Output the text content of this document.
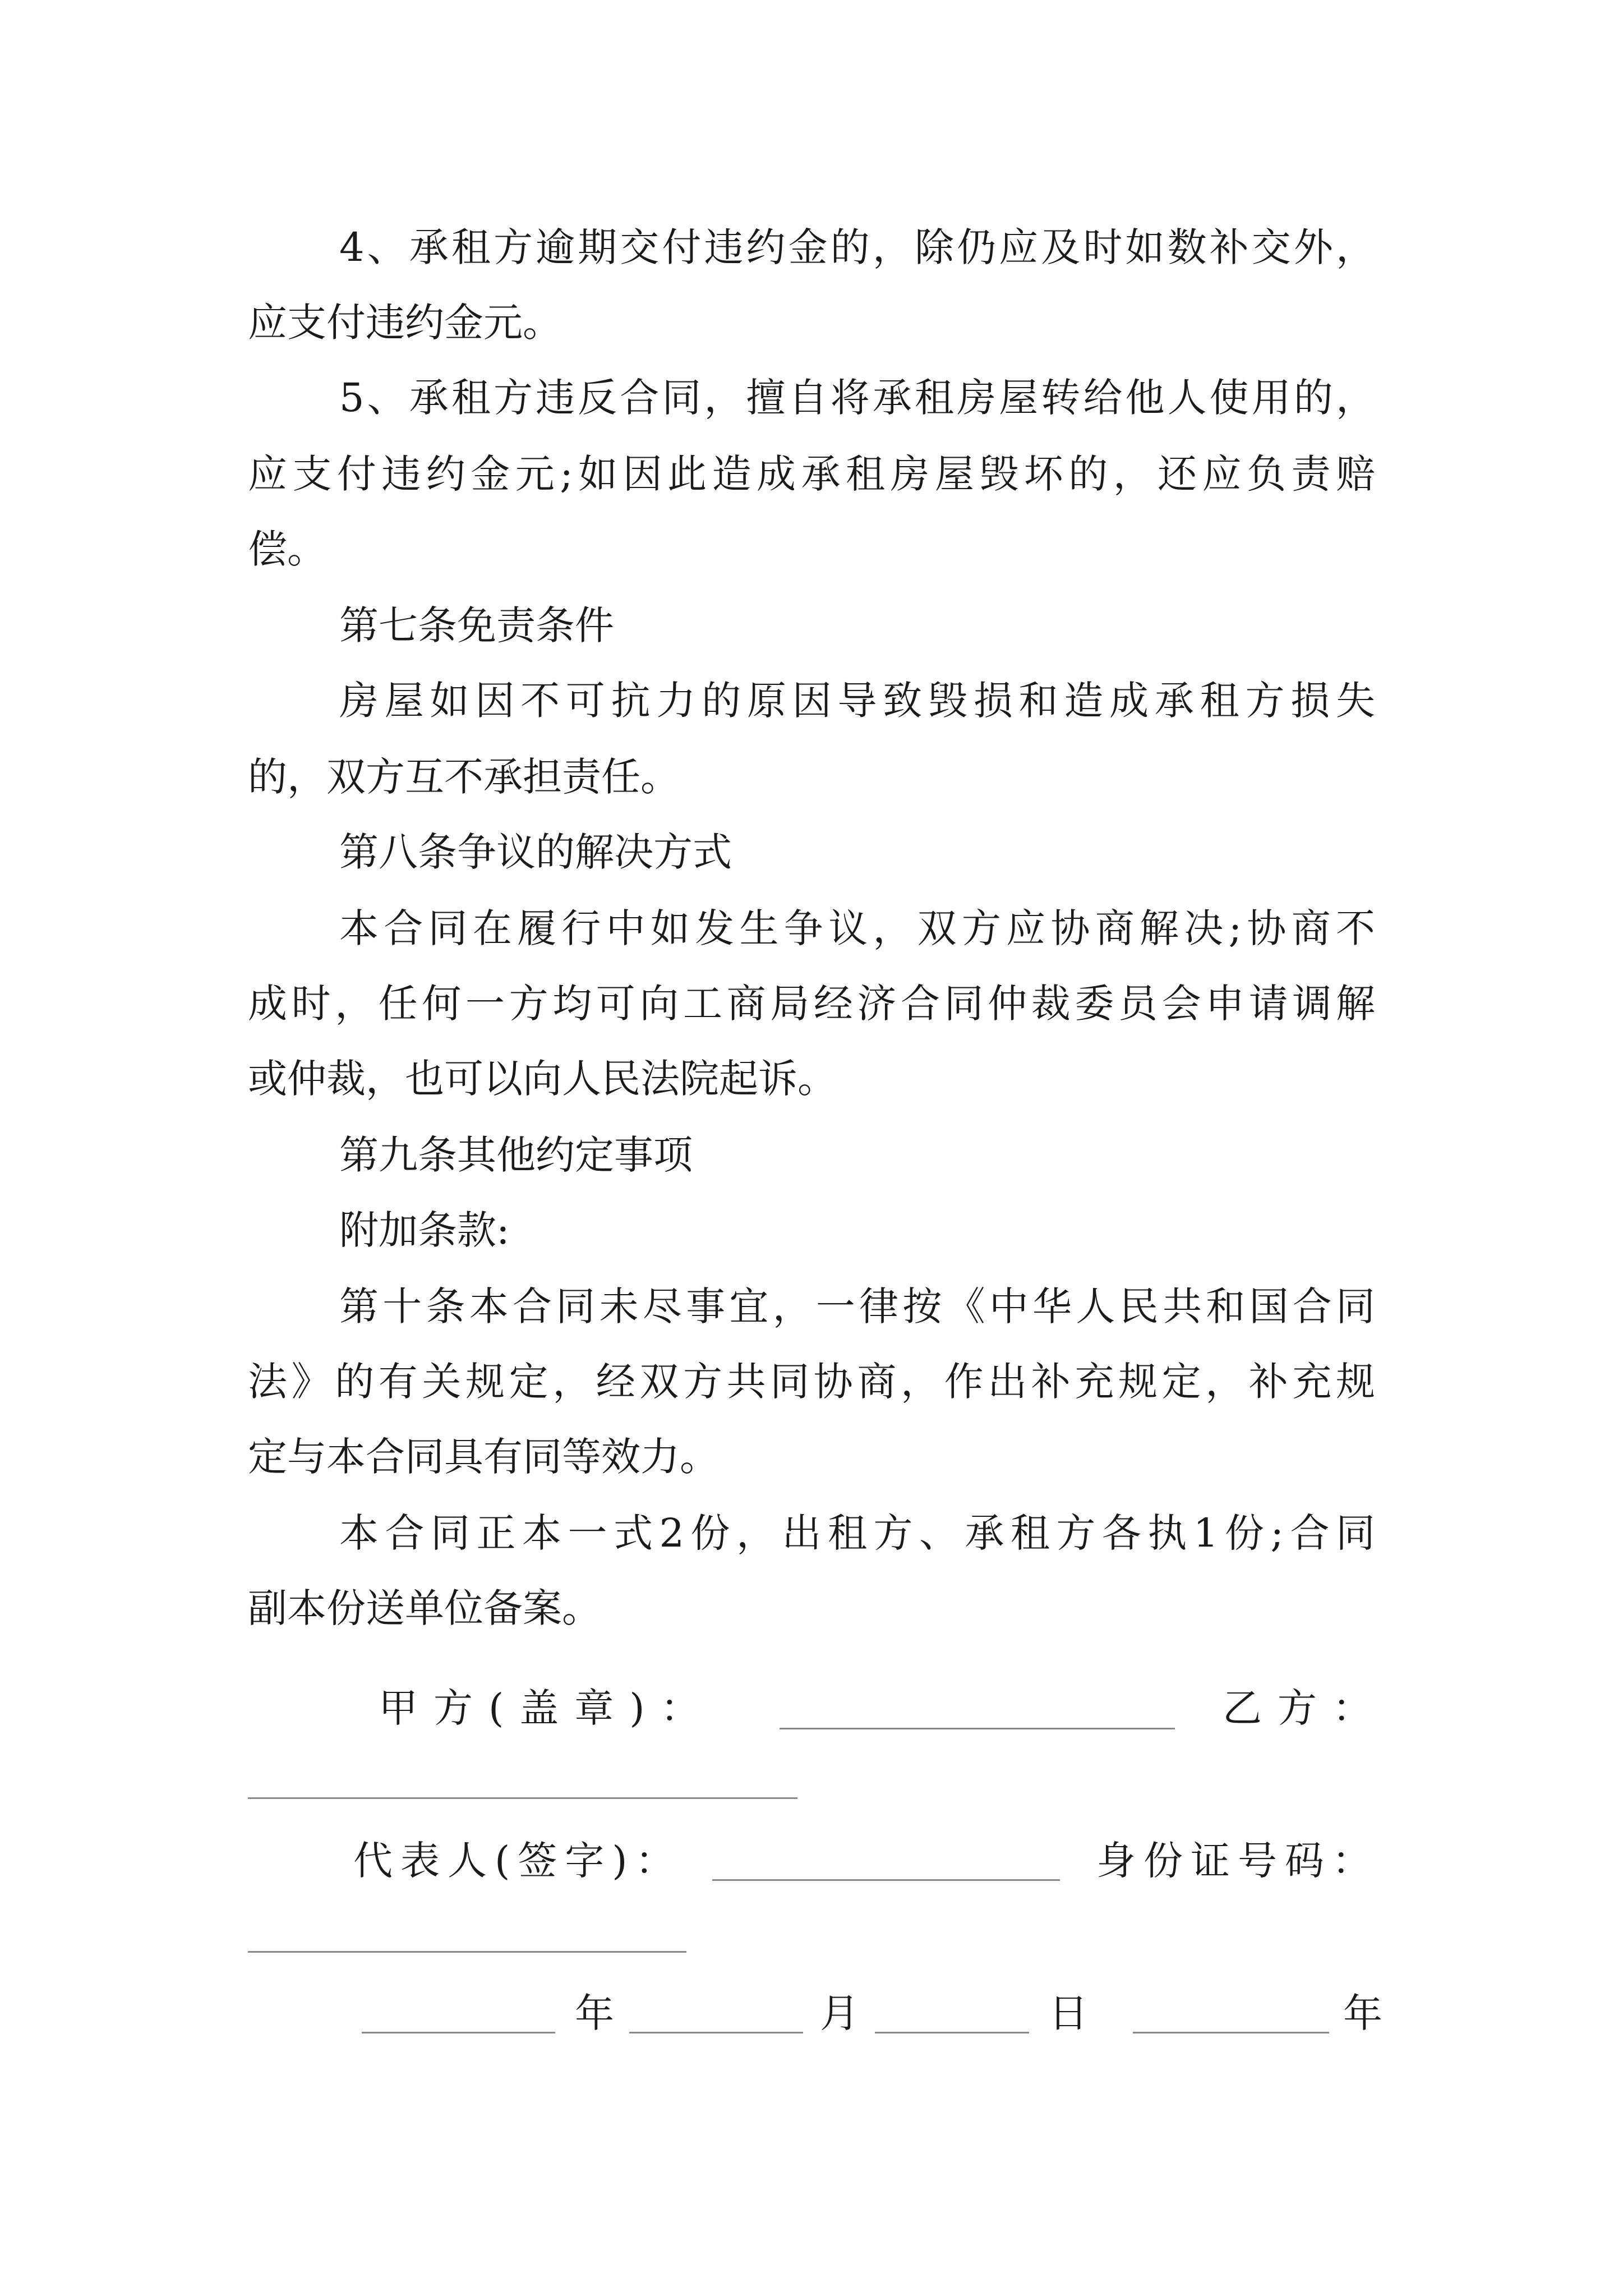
4、承租方逾期交付违约金的，除仍应及时如数补交外，
应支付违约金元。
5、承租方违反合同，擅自将承租房屋转给他人使用的，
应支付违约金元;如因此造成承租房屋毁坏的，还应负责赔
偿。
第七条免责条件
房屋如因不可抗力的原因导致毁损和造成承租方损失
的，双方互不承担责任。
第八条争议的解决方式
本合同在履行中如发生争议，双方应协商解决;协商不
成时，任何一方均可向工商局经济合同仲裁委员会申请调解
或仲裁，也可以向人民法院起诉。
第九条其他约定事项
附加条款:
第十条本合同未尽事宜，一律按《中华人民共和国合同
法》的有关规定，经双方共同协商，作出补充规定，补充规
定与本合同具有同等效力。
本合同正本一式2份，出租方、承租方各执1份;合同
副本份送单位备案。
甲方(盖章)：	乙方：
代表人(签字)：	身份证号码：
年	月	日	年
